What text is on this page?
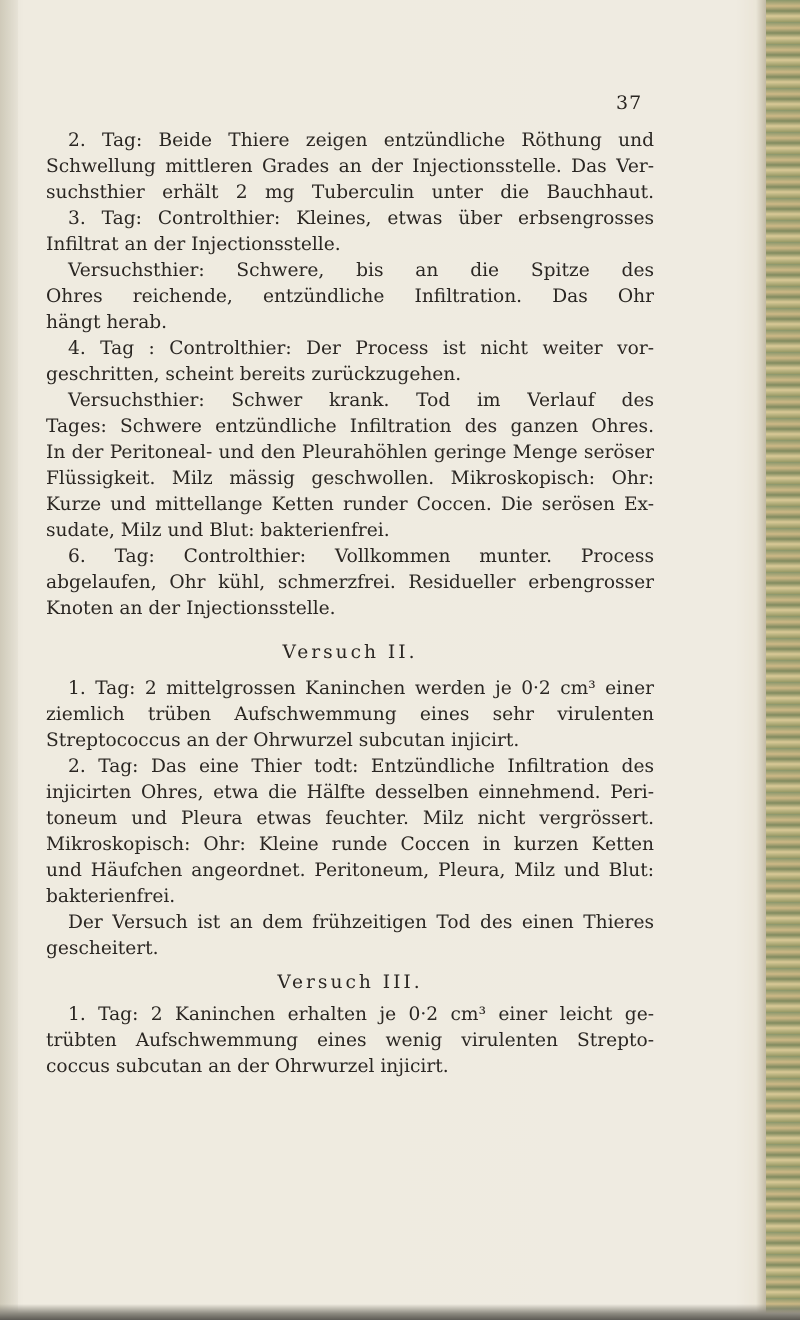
37
2. Tag: Beide Thiere zeigen entzündliche Röthung und
Schwellung mittleren Grades an der Injectionsstelle. Das Ver-
suchsthier erhält 2 mg Tuberculin unter die Bauchhaut.
3. Tag: Controlthier: Kleines, etwas über erbsengrosses
Infiltrat an der Injectionsstelle.
Versuchsthier: Schwere, bis an die Spitze des
Ohres reichende, entzündliche Infiltration. Das Ohr
hängt herab.
4. Tag : Controlthier: Der Process ist nicht weiter vor-
geschritten, scheint bereits zurückzugehen.
Versuchsthier: Schwer krank. Tod im Verlauf des
Tages: Schwere entzündliche Infiltration des ganzen Ohres.
In der Peritoneal- und den Pleurahöhlen geringe Menge seröser
Flüssigkeit. Milz mässig geschwollen. Mikroskopisch: Ohr:
Kurze und mittellange Ketten runder Coccen. Die serösen Ex-
sudate, Milz und Blut: bakterienfrei.
6. Tag: Controlthier: Vollkommen munter. Process
abgelaufen, Ohr kühl, schmerzfrei. Residueller erbengrosser
Knoten an der Injectionsstelle.
Versuch II.
1. Tag: 2 mittelgrossen Kaninchen werden je 0·2 cm³ einer
ziemlich trüben Aufschwemmung eines sehr virulenten
Streptococcus an der Ohrwurzel subcutan injicirt.
2. Tag: Das eine Thier todt: Entzündliche Infiltration des
injicirten Ohres, etwa die Hälfte desselben einnehmend. Peri-
toneum und Pleura etwas feuchter. Milz nicht vergrössert.
Mikroskopisch: Ohr: Kleine runde Coccen in kurzen Ketten
und Häufchen angeordnet. Peritoneum, Pleura, Milz und Blut:
bakterienfrei.
Der Versuch ist an dem frühzeitigen Tod des einen Thieres
gescheitert.
Versuch III.
1. Tag: 2 Kaninchen erhalten je 0·2 cm³ einer leicht ge-
trübten Aufschwemmung eines wenig virulenten Strepto-
coccus subcutan an der Ohrwurzel injicirt.
